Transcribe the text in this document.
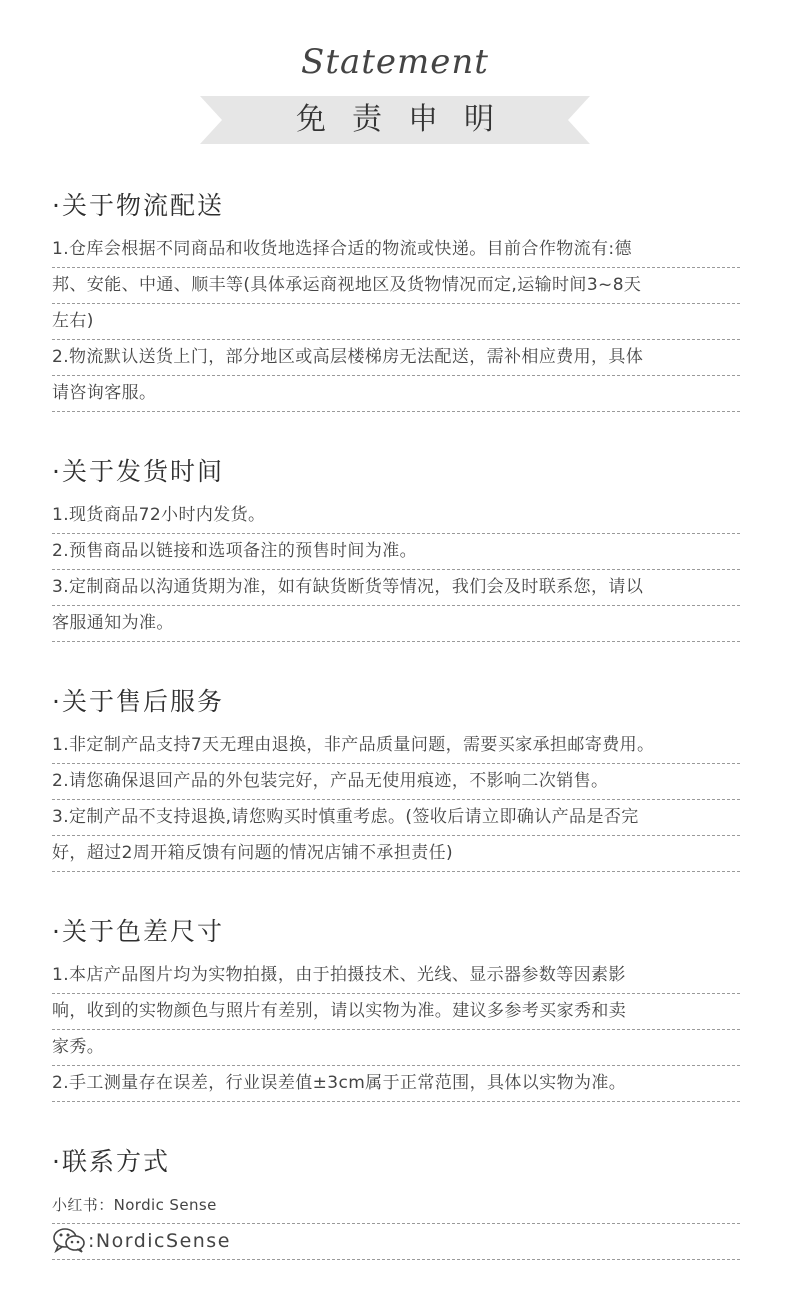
Statement
免责申明
·关于物流配送
1.仓库会根据不同商品和收货地选择合适的物流或快递。目前合作物流有:德
邦、安能、中通、顺丰等(具体承运商视地区及货物情况而定,运输时间3~8天
左右)
2.物流默认送货上门，部分地区或高层楼梯房无法配送，需补相应费用，具体
请咨询客服。
·关于发货时间
1.现货商品72小时内发货。
2.预售商品以链接和选项备注的预售时间为准。
3.定制商品以沟通货期为准，如有缺货断货等情况，我们会及时联系您，请以
客服通知为准。
·关于售后服务
1.非定制产品支持7天无理由退换，非产品质量问题，需要买家承担邮寄费用。
2.请您确保退回产品的外包装完好，产品无使用痕迹，不影响二次销售。
3.定制产品不支持退换,请您购买时慎重考虑。(签收后请立即确认产品是否完
好，超过2周开箱反馈有问题的情况店铺不承担责任)
·关于色差尺寸
1.本店产品图片均为实物拍摄，由于拍摄技术、光线、显示器参数等因素影
响，收到的实物颜色与照片有差别，请以实物为准。建议多参考买家秀和卖
家秀。
2.手工测量存在误差，行业误差值±3cm属于正常范围，具体以实物为准。
·联系方式
小红书：Nordic Sense
:NordicSense
